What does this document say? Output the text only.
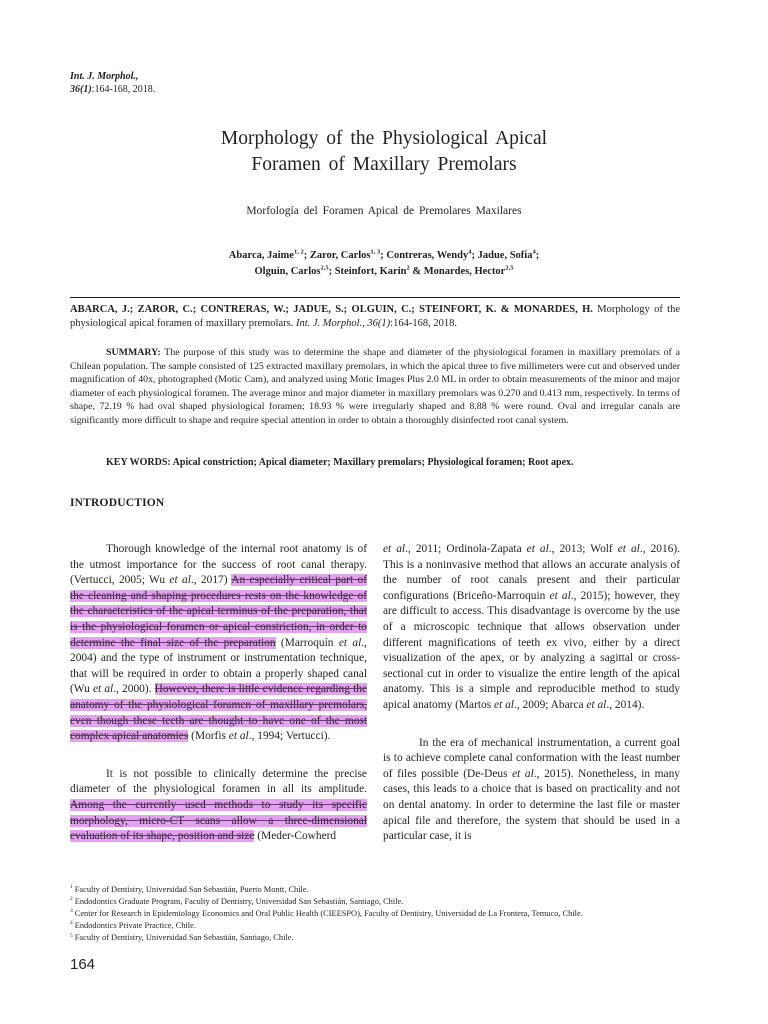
Int. J. Morphol.,
36(1):164-168, 2018.
Morphology of the Physiological Apical
Foramen of Maxillary Premolars
Morfología del Foramen Apical de Premolares Maxilares
Abarca, Jaime$^{1, 2}$; Zaror, Carlos$^{1, 3}$; Contreras, Wendy$^4$; Jadue, Sofía$^4$;
Olguin, Carlos$^{2,5}$; Steinfort, Karin$^2$ & Monardes, Hector$^{2,5}$
ABARCA, J.; ZAROR, C.; CONTRERAS, W.; JADUE, S.; OLGUIN, C.; STEINFORT, K. & MONARDES, H. Morphology of the physiological apical foramen of maxillary premolars. Int. J. Morphol., 36(1):164-168, 2018.
SUMMARY: The purpose of this study was to determine the shape and diameter of the physiological foramen in maxillary premolars of a Chilean population. The sample consisted of 125 extracted maxillary premolars, in which the apical three to five millimeters were cut and observed under magnification of 40x, photographed (Motic Cam), and analyzed using Motic Images Plus 2.0 ML in order to obtain measurements of the minor and major diameter of each physiological foramen. The average minor and major diameter in maxillary premolars was 0.270 and 0.413 mm, respectively. In terms of shape, 72.19 % had oval shaped physiological foramen; 18.93 % were irregularly shaped and 8.88 % were round. Oval and irregular canals are significantly more difficult to shape and require special attention in order to obtain a thoroughly disinfected root canal system.
KEY WORDS: Apical constriction; Apical diameter; Maxillary premolars; Physiological foramen; Root apex.
INTRODUCTION

Thorough knowledge of the internal root anatomy is of the utmost importance for the success of root canal therapy. (Vertucci, 2005; Wu et al., 2017) An especially critical part of the cleaning and shaping procedures rests on the knowledge of the characteristics of the apical terminus of the preparation, that is the physiological foramen or apical constriction, in order to determine the final size of the preparation (Marroquín et al., 2004) and the type of instrument or instrumentation technique, that will be required in order to obtain a properly shaped canal (Wu et al., 2000). However, there is little evidence regarding the anatomy of the physiological foramen of maxillary premolars, even though these teeth are thought to have one of the most complex apical anatomies (Morfis et al., 1994; Vertucci).

It is not possible to clinically determine the precise diameter of the physiological foramen in all its amplitude. Among the currently used methods to study its specific morphology, micro-CT scans allow a three-dimensional evaluation of its shape, position and size (Meder-Cowherd

et al., 2011; Ordinola-Zapata et al., 2013; Wolf et al., 2016). This is a noninvasive method that allows an accurate analysis of the number of root canals present and their particular configurations (Briceño-Marroquin et al., 2015); however, they are difficult to access. This disadvantage is overcome by the use of a microscopic technique that allows observation under different magnifications of teeth ex vivo, either by a direct visualization of the apex, or by analyzing a sagittal or cross-sectional cut in order to visualize the entire length of the apical anatomy. This is a simple and reproducible method to study apical anatomy (Martos et al., 2009; Abarca et al., 2014).

In the era of mechanical instrumentation, a current goal is to achieve complete canal conformation with the least number of files possible (De-Deus et al., 2015). Nonetheless, in many cases, this leads to a choice that is based on practicality and not on dental anatomy. In order to determine the last file or master apical file and therefore, the system that should be used in a particular case, it is

$^1$ Faculty of Dentistry, Universidad San Sebastián, Puerto Montt, Chile.
$^2$ Endodontics Graduate Program, Faculty of Dentistry, Universidad San Sebastián, Santiago, Chile.
$^3$ Center for Research in Epidemiology Economics and Oral Public Health (CIEESPO), Faculty of Dentistry, Universidad de La Frontera, Temuco, Chile.
$^4$ Endodontics Private Practice, Chile.
$^5$ Faculty of Dentistry, Universidad San Sebastián, Santiago, Chile.
164
